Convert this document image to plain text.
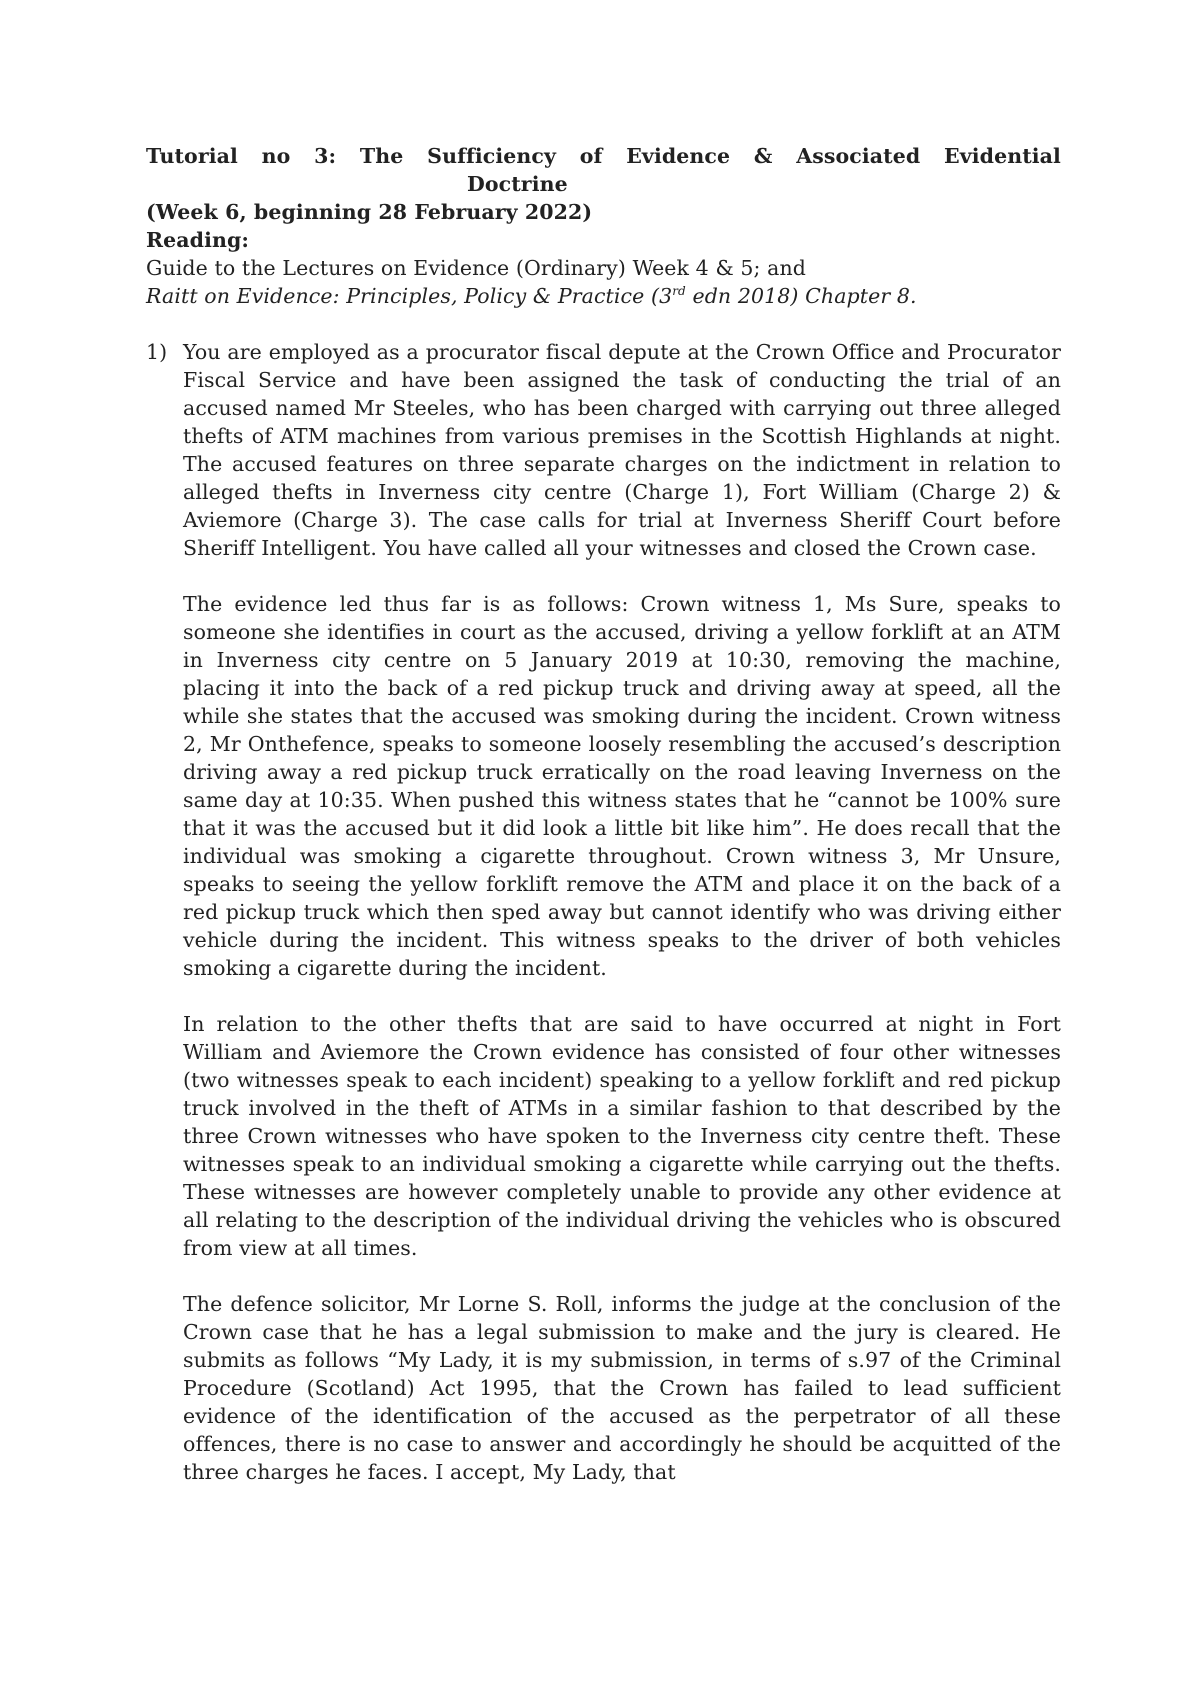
Tutorial no 3: The Sufficiency of Evidence & Associated Evidential
Doctrine
(Week 6, beginning 28 February 2022)
Reading:
Guide to the Lectures on Evidence (Ordinary) Week 4 & 5; and
Raitt on Evidence: Principles, Policy & Practice (3rd edn 2018) Chapter 8.
1) You are employed as a procurator fiscal depute at the Crown Office and Procurator Fiscal Service and have been assigned the task of conducting the trial of an accused named Mr Steeles, who has been charged with carrying out three alleged thefts of ATM machines from various premises in the Scottish Highlands at night. The accused features on three separate charges on the indictment in relation to alleged thefts in Inverness city centre (Charge 1), Fort William (Charge 2) & Aviemore (Charge 3). The case calls for trial at Inverness Sheriff Court before Sheriff Intelligent. You have called all your witnesses and closed the Crown case.

The evidence led thus far is as follows: Crown witness 1, Ms Sure, speaks to someone she identifies in court as the accused, driving a yellow forklift at an ATM in Inverness city centre on 5 January 2019 at 10:30, removing the machine, placing it into the back of a red pickup truck and driving away at speed, all the while she states that the accused was smoking during the incident. Crown witness 2, Mr Onthefence, speaks to someone loosely resembling the accused’s description driving away a red pickup truck erratically on the road leaving Inverness on the same day at 10:35. When pushed this witness states that he “cannot be 100% sure that it was the accused but it did look a little bit like him”. He does recall that the individual was smoking a cigarette throughout. Crown witness 3, Mr Unsure, speaks to seeing the yellow forklift remove the ATM and place it on the back of a red pickup truck which then sped away but cannot identify who was driving either vehicle during the incident. This witness speaks to the driver of both vehicles smoking a cigarette during the incident.

In relation to the other thefts that are said to have occurred at night in Fort William and Aviemore the Crown evidence has consisted of four other witnesses (two witnesses speak to each incident) speaking to a yellow forklift and red pickup truck involved in the theft of ATMs in a similar fashion to that described by the three Crown witnesses who have spoken to the Inverness city centre theft. These witnesses speak to an individual smoking a cigarette while carrying out the thefts. These witnesses are however completely unable to provide any other evidence at all relating to the description of the individual driving the vehicles who is obscured from view at all times.

The defence solicitor, Mr Lorne S. Roll, informs the judge at the conclusion of the Crown case that he has a legal submission to make and the jury is cleared. He submits as follows “My Lady, it is my submission, in terms of s.97 of the Criminal Procedure (Scotland) Act 1995, that the Crown has failed to lead sufficient evidence of the identification of the accused as the perpetrator of all these offences, there is no case to answer and accordingly he should be acquitted of the three charges he faces. I accept, My Lady, that
